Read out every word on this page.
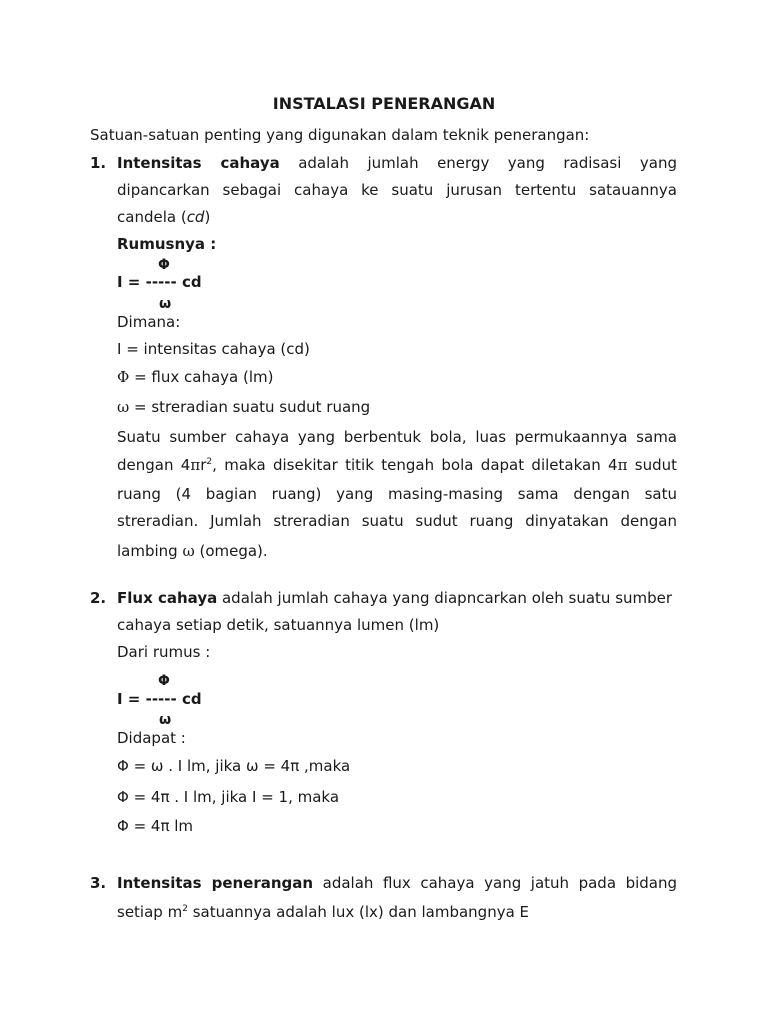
INSTALASI PENERANGAN
Satuan-satuan penting yang digunakan dalam teknik penerangan:
1. Intensitas cahaya adalah jumlah energy yang radisasi yang
dipancarkan sebagai cahaya ke suatu jurusan tertentu satauannya
candela (cd)
Rumusnya :
Φ
I = ----- cd
ω
Dimana:
I = intensitas cahaya (cd)
Φ = flux cahaya (lm)
ω = streradian suatu sudut ruang
Suatu sumber cahaya yang berbentuk bola, luas permukaannya sama
dengan $4\pi r^2$, maka disekitar titik tengah bola dapat diletakan 4π sudut
ruang (4 bagian ruang) yang masing-masing sama dengan satu
streradian. Jumlah streradian suatu sudut ruang dinyatakan dengan
lambing ω (omega).
2. Flux cahaya adalah jumlah cahaya yang diapncarkan oleh suatu sumber
cahaya setiap detik, satuannya lumen (lm)
Dari rumus :
Φ
I = ----- cd
ω
Didapat :
Φ = ω . I lm, jika ω = 4π ,maka
Φ = 4π . I lm, jika I = 1, maka
Φ = 4π lm
3. Intensitas penerangan adalah flux cahaya yang jatuh pada bidang
setiap $m^2$ satuannya adalah lux (lx) dan lambangnya E
